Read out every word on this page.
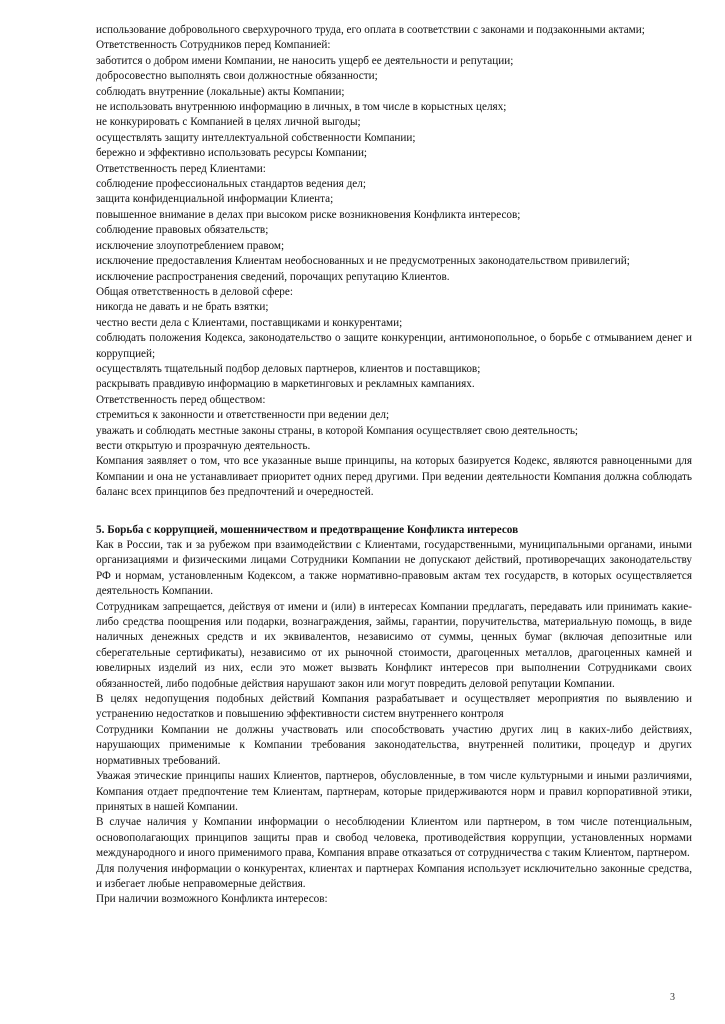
использование добровольного сверхурочного труда, его оплата в соответствии с законами и подзаконными актами;

Ответственность Сотрудников перед Компанией:

заботится о добром имени Компании, не наносить ущерб ее деятельности и репутации;

добросовестно выполнять свои должностные обязанности;

соблюдать внутренние (локальные) акты Компании;

не использовать внутреннюю информацию в личных, в том числе в корыстных целях;

не конкурировать с Компанией в целях личной выгоды;

осуществлять защиту интеллектуальной собственности Компании;

бережно и эффективно использовать ресурсы Компании;

Ответственность перед Клиентами:

соблюдение профессиональных стандартов ведения дел;

защита конфиденциальной информации Клиента;

повышенное внимание в делах при высоком риске возникновения Конфликта интересов;

соблюдение правовых обязательств;

исключение злоупотреблением правом;

исключение предоставления Клиентам необоснованных и не предусмотренных законодательством привилегий;

исключение распространения сведений, порочащих репутацию Клиентов.

Общая ответственность в деловой сфере:

никогда не давать и не брать взятки;

честно вести дела с Клиентами, поставщиками и конкурентами;

соблюдать положения Кодекса, законодательство о защите конкуренции, антимонопольное, о борьбе с отмыванием денег и коррупцией;

осуществлять тщательный подбор деловых партнеров, клиентов и поставщиков;

раскрывать правдивую информацию в маркетинговых и рекламных кампаниях.

Ответственность перед обществом:

стремиться к законности и ответственности при ведении дел;

уважать и соблюдать местные законы страны, в которой Компания осуществляет свою деятельность;

вести открытую и прозрачную деятельность.

Компания заявляет о том, что все указанные выше принципы, на которых базируется Кодекс, являются равноценными для Компании и она не устанавливает приоритет одних перед другими. При ведении деятельности Компания должна соблюдать баланс всех принципов без предпочтений и очередностей.

5. Борьба с коррупцией, мошенничеством и предотвращение Конфликта интересов

Как в России, так и за рубежом при взаимодействии с Клиентами, государственными, муниципальными органами, иными организациями и физическими лицами Сотрудники Компании не допускают действий, противоречащих законодательству РФ и нормам, установленным Кодексом, а также нормативно-правовым актам тех государств, в которых осуществляется деятельность Компании.

Сотрудникам запрещается, действуя от имени и (или) в интересах Компании предлагать, передавать или принимать какие-либо средства поощрения или подарки, вознаграждения, займы, гарантии, поручительства, материальную помощь, в виде наличных денежных средств и их эквивалентов, независимо от суммы, ценных бумаг (включая депозитные или сберегательные сертификаты), независимо от их рыночной стоимости, драгоценных металлов, драгоценных камней и ювелирных изделий из них, если это может вызвать Конфликт интересов при выполнении Сотрудниками своих обязанностей, либо подобные действия нарушают закон или могут повредить деловой репутации Компании.

В целях недопущения подобных действий Компания разрабатывает и осуществляет мероприятия по выявлению и устранению недостатков и повышению эффективности систем внутреннего контроля

Сотрудники Компании не должны участвовать или способствовать участию других лиц в каких-либо действиях, нарушающих применимые к Компании требования законодательства, внутренней политики, процедур и других нормативных требований.

Уважая этические принципы наших Клиентов, партнеров, обусловленные, в том числе культурными и иными различиями, Компания отдает предпочтение тем Клиентам, партнерам, которые придерживаются норм и правил корпоративной этики, принятых в нашей Компании.

В случае наличия у Компании информации о несоблюдении Клиентом или партнером, в том числе потенциальным, основополагающих принципов защиты прав и свобод человека, противодействия коррупции, установленных нормами международного и иного применимого права, Компания вправе отказаться от сотрудничества с таким Клиентом, партнером.

Для получения информации о конкурентах, клиентах и партнерах Компания использует исключительно законные средства, и избегает любые неправомерные действия.

При наличии возможного Конфликта интересов:

3
